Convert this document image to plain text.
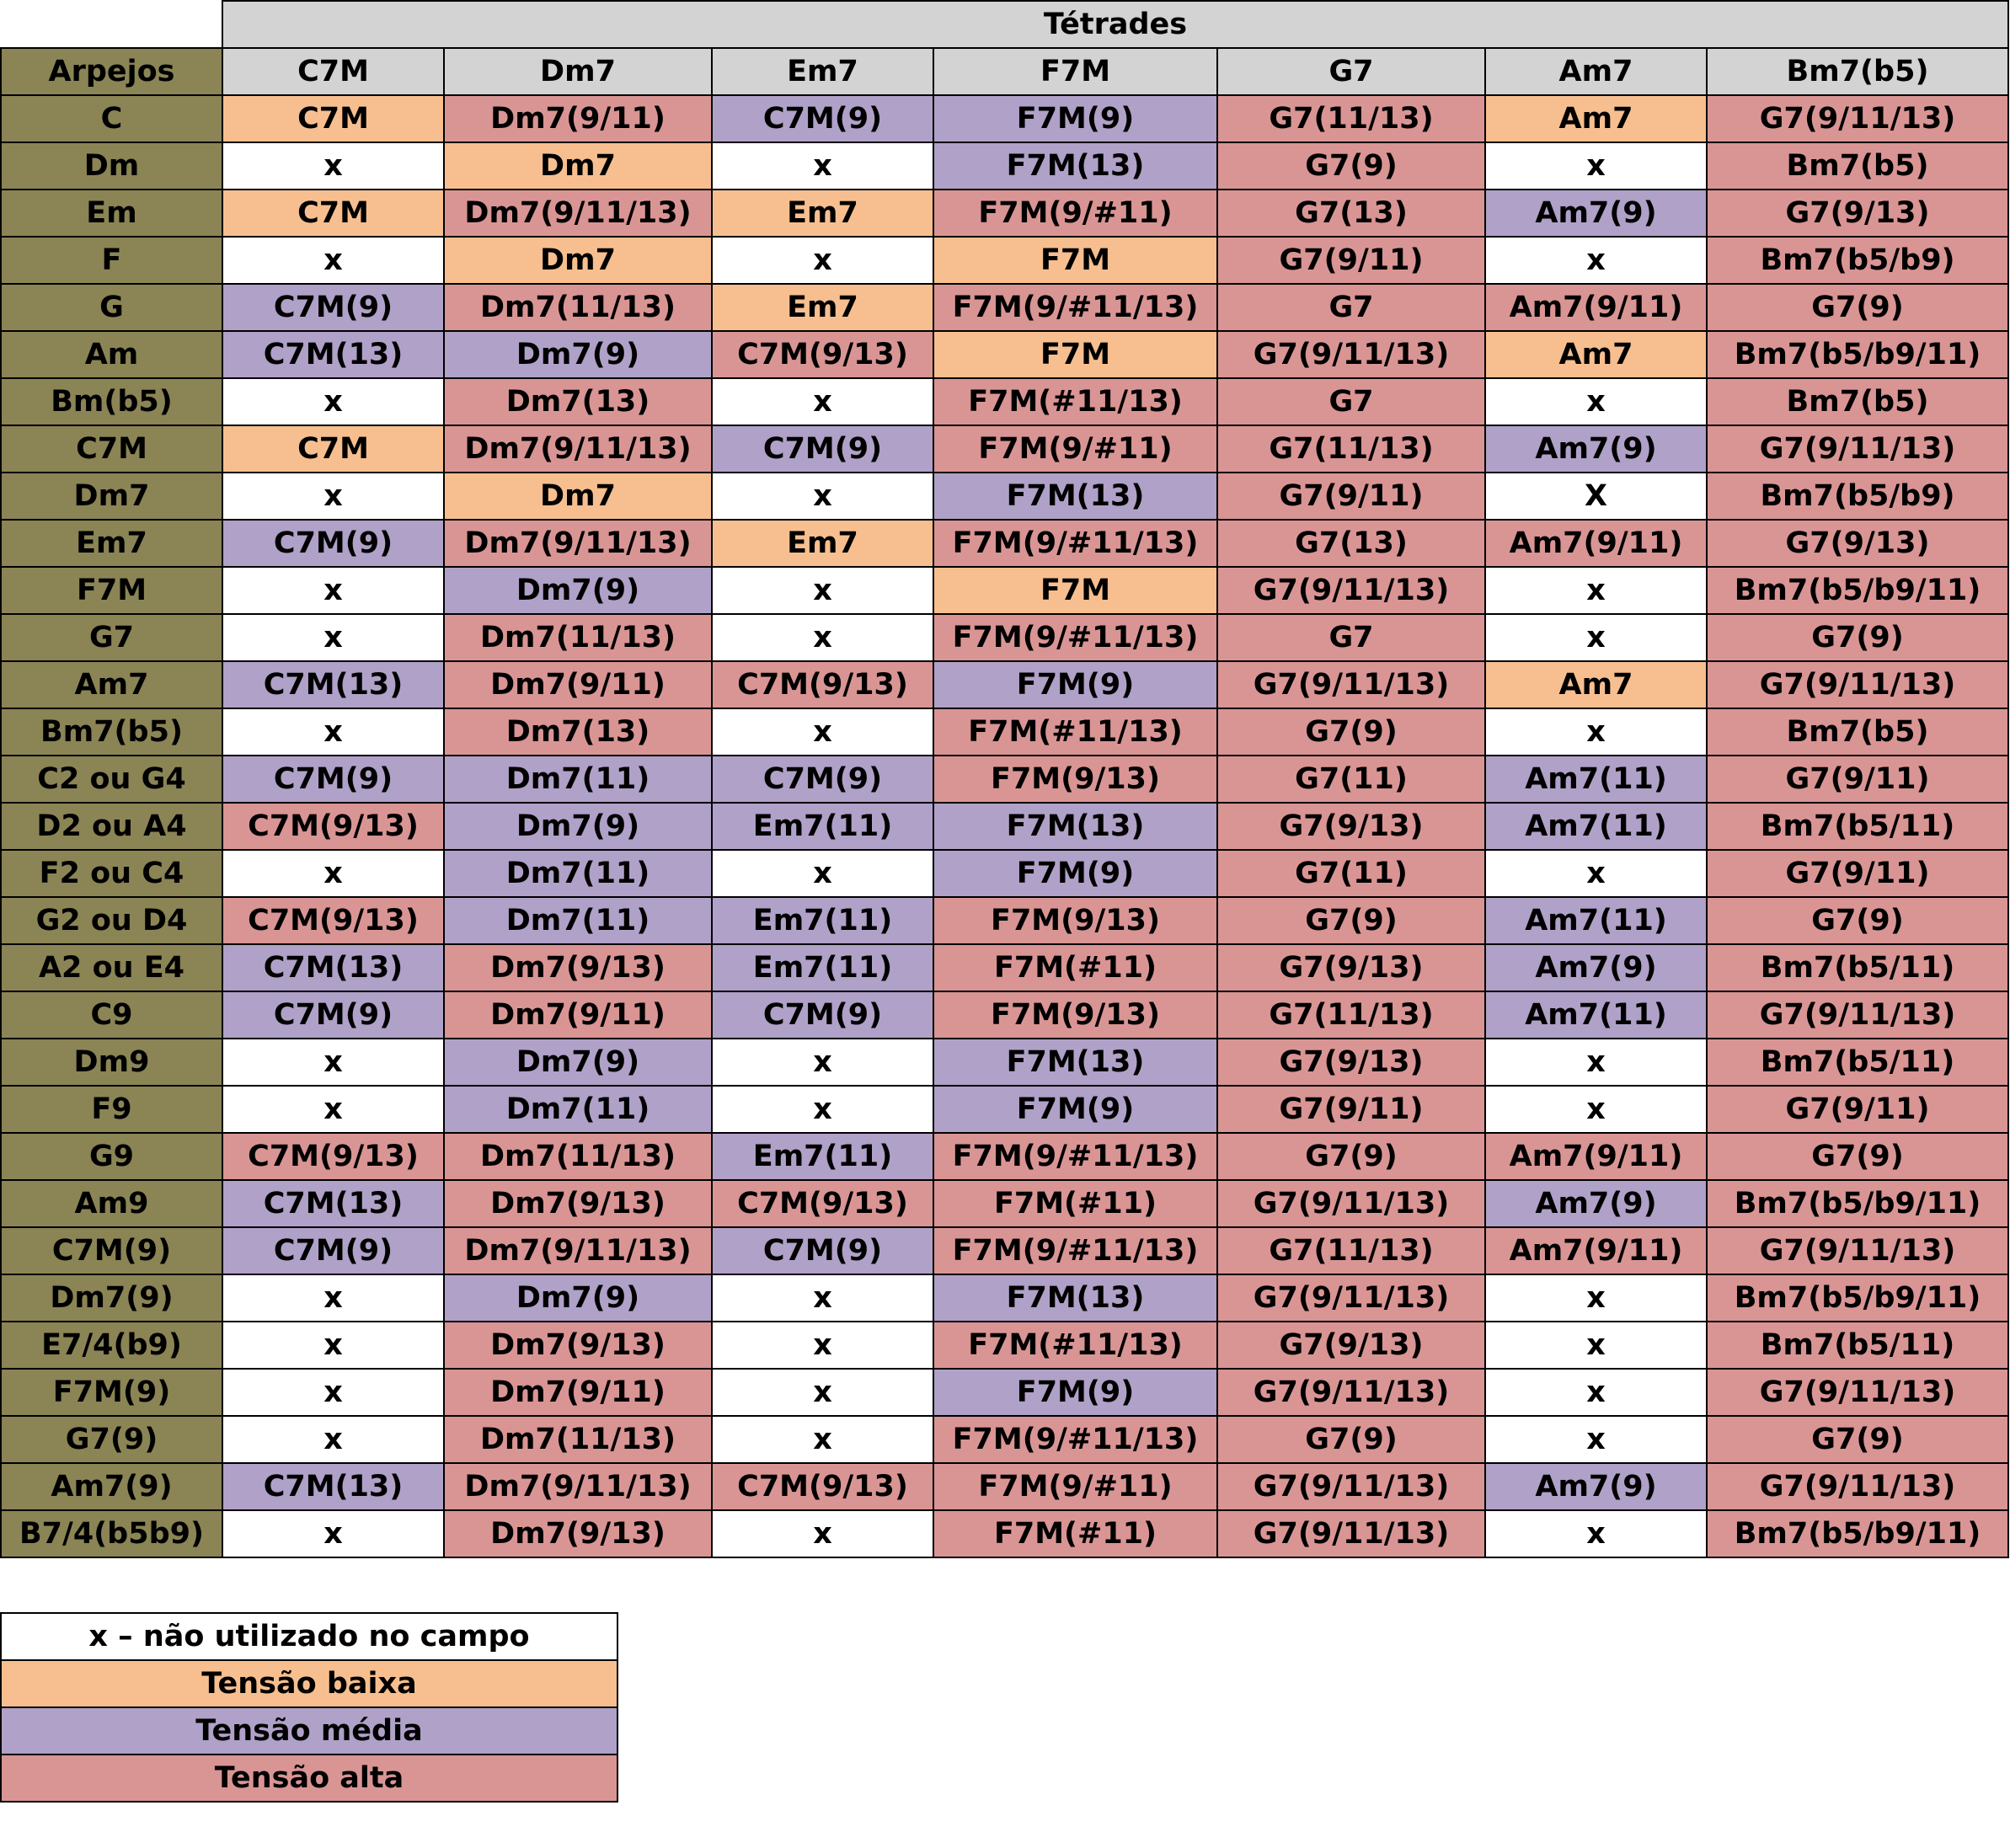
	Tétrades						
Arpejos	C7M	Dm7	Em7	F7M	G7	Am7	Bm7(b5)
C	C7M	Dm7(9/11)	C7M(9)	F7M(9)	G7(11/13)	Am7	G7(9/11/13)
Dm	x	Dm7	x	F7M(13)	G7(9)	x	Bm7(b5)
Em	C7M	Dm7(9/11/13)	Em7	F7M(9/#11)	G7(13)	Am7(9)	G7(9/13)
F	x	Dm7	x	F7M	G7(9/11)	x	Bm7(b5/b9)
G	C7M(9)	Dm7(11/13)	Em7	F7M(9/#11/13)	G7	Am7(9/11)	G7(9)
Am	C7M(13)	Dm7(9)	C7M(9/13)	F7M	G7(9/11/13)	Am7	Bm7(b5/b9/11)
Bm(b5)	x	Dm7(13)	x	F7M(#11/13)	G7	x	Bm7(b5)
C7M	C7M	Dm7(9/11/13)	C7M(9)	F7M(9/#11)	G7(11/13)	Am7(9)	G7(9/11/13)
Dm7	x	Dm7	x	F7M(13)	G7(9/11)	X	Bm7(b5/b9)
Em7	C7M(9)	Dm7(9/11/13)	Em7	F7M(9/#11/13)	G7(13)	Am7(9/11)	G7(9/13)
F7M	x	Dm7(9)	x	F7M	G7(9/11/13)	x	Bm7(b5/b9/11)
G7	x	Dm7(11/13)	x	F7M(9/#11/13)	G7	x	G7(9)
Am7	C7M(13)	Dm7(9/11)	C7M(9/13)	F7M(9)	G7(9/11/13)	Am7	G7(9/11/13)
Bm7(b5)	x	Dm7(13)	x	F7M(#11/13)	G7(9)	x	Bm7(b5)
C2 ou G4	C7M(9)	Dm7(11)	C7M(9)	F7M(9/13)	G7(11)	Am7(11)	G7(9/11)
D2 ou A4	C7M(9/13)	Dm7(9)	Em7(11)	F7M(13)	G7(9/13)	Am7(11)	Bm7(b5/11)
F2 ou C4	x	Dm7(11)	x	F7M(9)	G7(11)	x	G7(9/11)
G2 ou D4	C7M(9/13)	Dm7(11)	Em7(11)	F7M(9/13)	G7(9)	Am7(11)	G7(9)
A2 ou E4	C7M(13)	Dm7(9/13)	Em7(11)	F7M(#11)	G7(9/13)	Am7(9)	Bm7(b5/11)
C9	C7M(9)	Dm7(9/11)	C7M(9)	F7M(9/13)	G7(11/13)	Am7(11)	G7(9/11/13)
Dm9	x	Dm7(9)	x	F7M(13)	G7(9/13)	x	Bm7(b5/11)
F9	x	Dm7(11)	x	F7M(9)	G7(9/11)	x	G7(9/11)
G9	C7M(9/13)	Dm7(11/13)	Em7(11)	F7M(9/#11/13)	G7(9)	Am7(9/11)	G7(9)
Am9	C7M(13)	Dm7(9/13)	C7M(9/13)	F7M(#11)	G7(9/11/13)	Am7(9)	Bm7(b5/b9/11)
C7M(9)	C7M(9)	Dm7(9/11/13)	C7M(9)	F7M(9/#11/13)	G7(11/13)	Am7(9/11)	G7(9/11/13)
Dm7(9)	x	Dm7(9)	x	F7M(13)	G7(9/11/13)	x	Bm7(b5/b9/11)
E7/4(b9)	x	Dm7(9/13)	x	F7M(#11/13)	G7(9/13)	x	Bm7(b5/11)
F7M(9)	x	Dm7(9/11)	x	F7M(9)	G7(9/11/13)	x	G7(9/11/13)
G7(9)	x	Dm7(11/13)	x	F7M(9/#11/13)	G7(9)	x	G7(9)
Am7(9)	C7M(13)	Dm7(9/11/13)	C7M(9/13)	F7M(9/#11)	G7(9/11/13)	Am7(9)	G7(9/11/13)
B7/4(b5b9)	x	Dm7(9/13)	x	F7M(#11)	G7(9/11/13)	x	Bm7(b5/b9/11)
x – não utilizado no campo
Tensão baixa
Tensão média
Tensão alta
